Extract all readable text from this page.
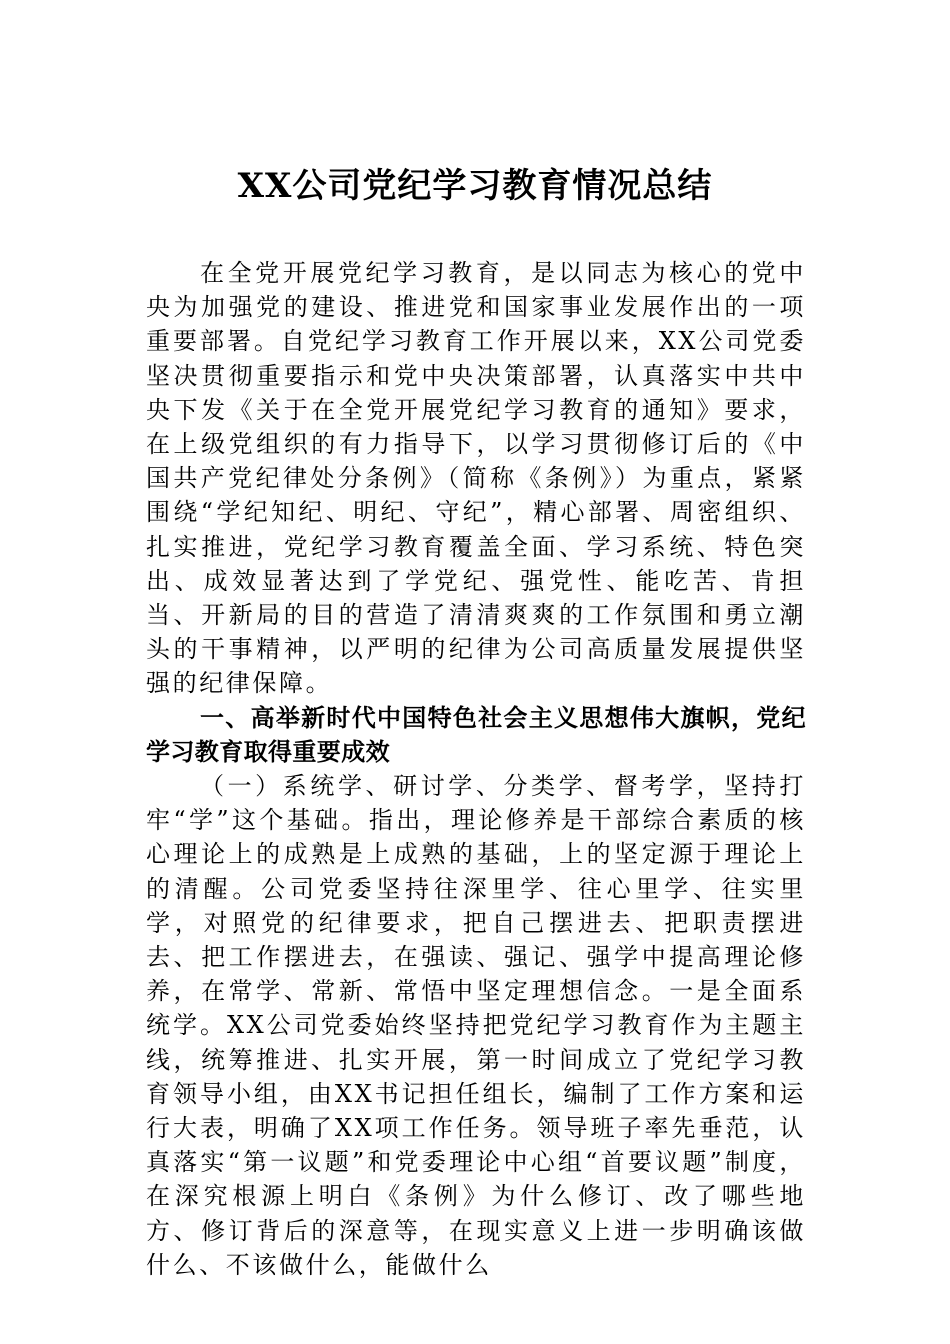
XX公司党纪学习教育情况总结

在全党开展党纪学习教育，是以同志为核心的党中央为加强党的建设、推进党和国家事业发展作出的一项重要部署。自党纪学习教育工作开展以来，XX公司党委坚决贯彻重要指示和党中央决策部署，认真落实中共中央下发《关于在全党开展党纪学习教育的通知》要求，在上级党组织的有力指导下，以学习贯彻修订后的《中国共产党纪律处分条例》（简称《条例》）为重点，紧紧围绕“学纪知纪、明纪、守纪”，精心部署、周密组织、扎实推进，党纪学习教育覆盖全面、学习系统、特色突出、成效显著达到了学党纪、强党性、能吃苦、肯担当、开新局的目的营造了清清爽爽的工作氛围和勇立潮头的干事精神，以严明的纪律为公司高质量发展提供坚强的纪律保障。

一、高举新时代中国特色社会主义思想伟大旗帜，党纪学习教育取得重要成效

（一）系统学、研讨学、分类学、督考学，坚持打牢“学”这个基础。指出，理论修养是干部综合素质的核心理论上的成熟是上成熟的基础，上的坚定源于理论上的清醒。公司党委坚持往深里学、往心里学、往实里学，对照党的纪律要求，把自己摆进去、把职责摆进去、把工作摆进去，在强读、强记、强学中提高理论修养，在常学、常新、常悟中坚定理想信念。一是全面系统学。XX公司党委始终坚持把党纪学习教育作为主题主线，统筹推进、扎实开展，第一时间成立了党纪学习教育领导小组，由XX书记担任组长，编制了工作方案和运行大表，明确了XX项工作任务。领导班子率先垂范，认真落实“第一议题”和党委理论中心组“首要议题”制度，在深究根源上明白《条例》为什么修订、改了哪些地方、修订背后的深意等，在现实意义上进一步明确该做什么、不该做什么，能做什么
